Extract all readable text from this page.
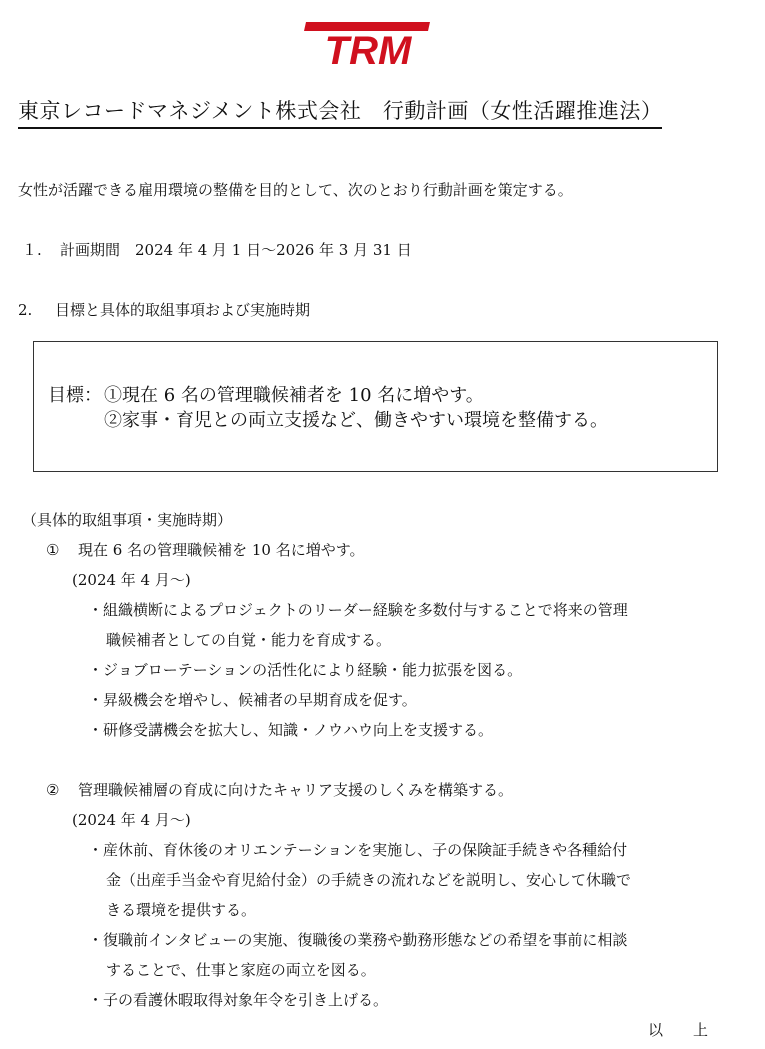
TRM
東京レコードマネジメント株式会社　行動計画（女性活躍推進法）
女性が活躍できる雇用環境の整備を目的として、次のとおり行動計画を策定する。
１. 計画期間　2024 年 4 月 1 日～2026 年 3 月 31 日
2. 目標と具体的取組事項および実施時期
目標： ①現在 6 名の管理職候補者を 10 名に増やす。
②家事・育児との両立支援など、働きやすい環境を整備する。
（具体的取組事項・実施時期）
① 現在 6 名の管理職候補を 10 名に増やす。
(2024 年 4 月～)
・組織横断によるプロジェクトのリーダー経験を多数付与することで将来の管理
職候補者としての自覚・能力を育成する。
・ジョブローテーションの活性化により経験・能力拡張を図る。
・昇級機会を増やし、候補者の早期育成を促す。
・研修受講機会を拡大し、知識・ノウハウ向上を支援する。
② 管理職候補層の育成に向けたキャリア支援のしくみを構築する。
(2024 年 4 月～)
・産休前、育休後のオリエンテーションを実施し、子の保険証手続きや各種給付
金（出産手当金や育児給付金）の手続きの流れなどを説明し、安心して休職で
きる環境を提供する。
・復職前インタビューの実施、復職後の業務や勤務形態などの希望を事前に相談
することで、仕事と家庭の両立を図る。
・子の看護休暇取得対象年令を引き上げる。
以　　上
